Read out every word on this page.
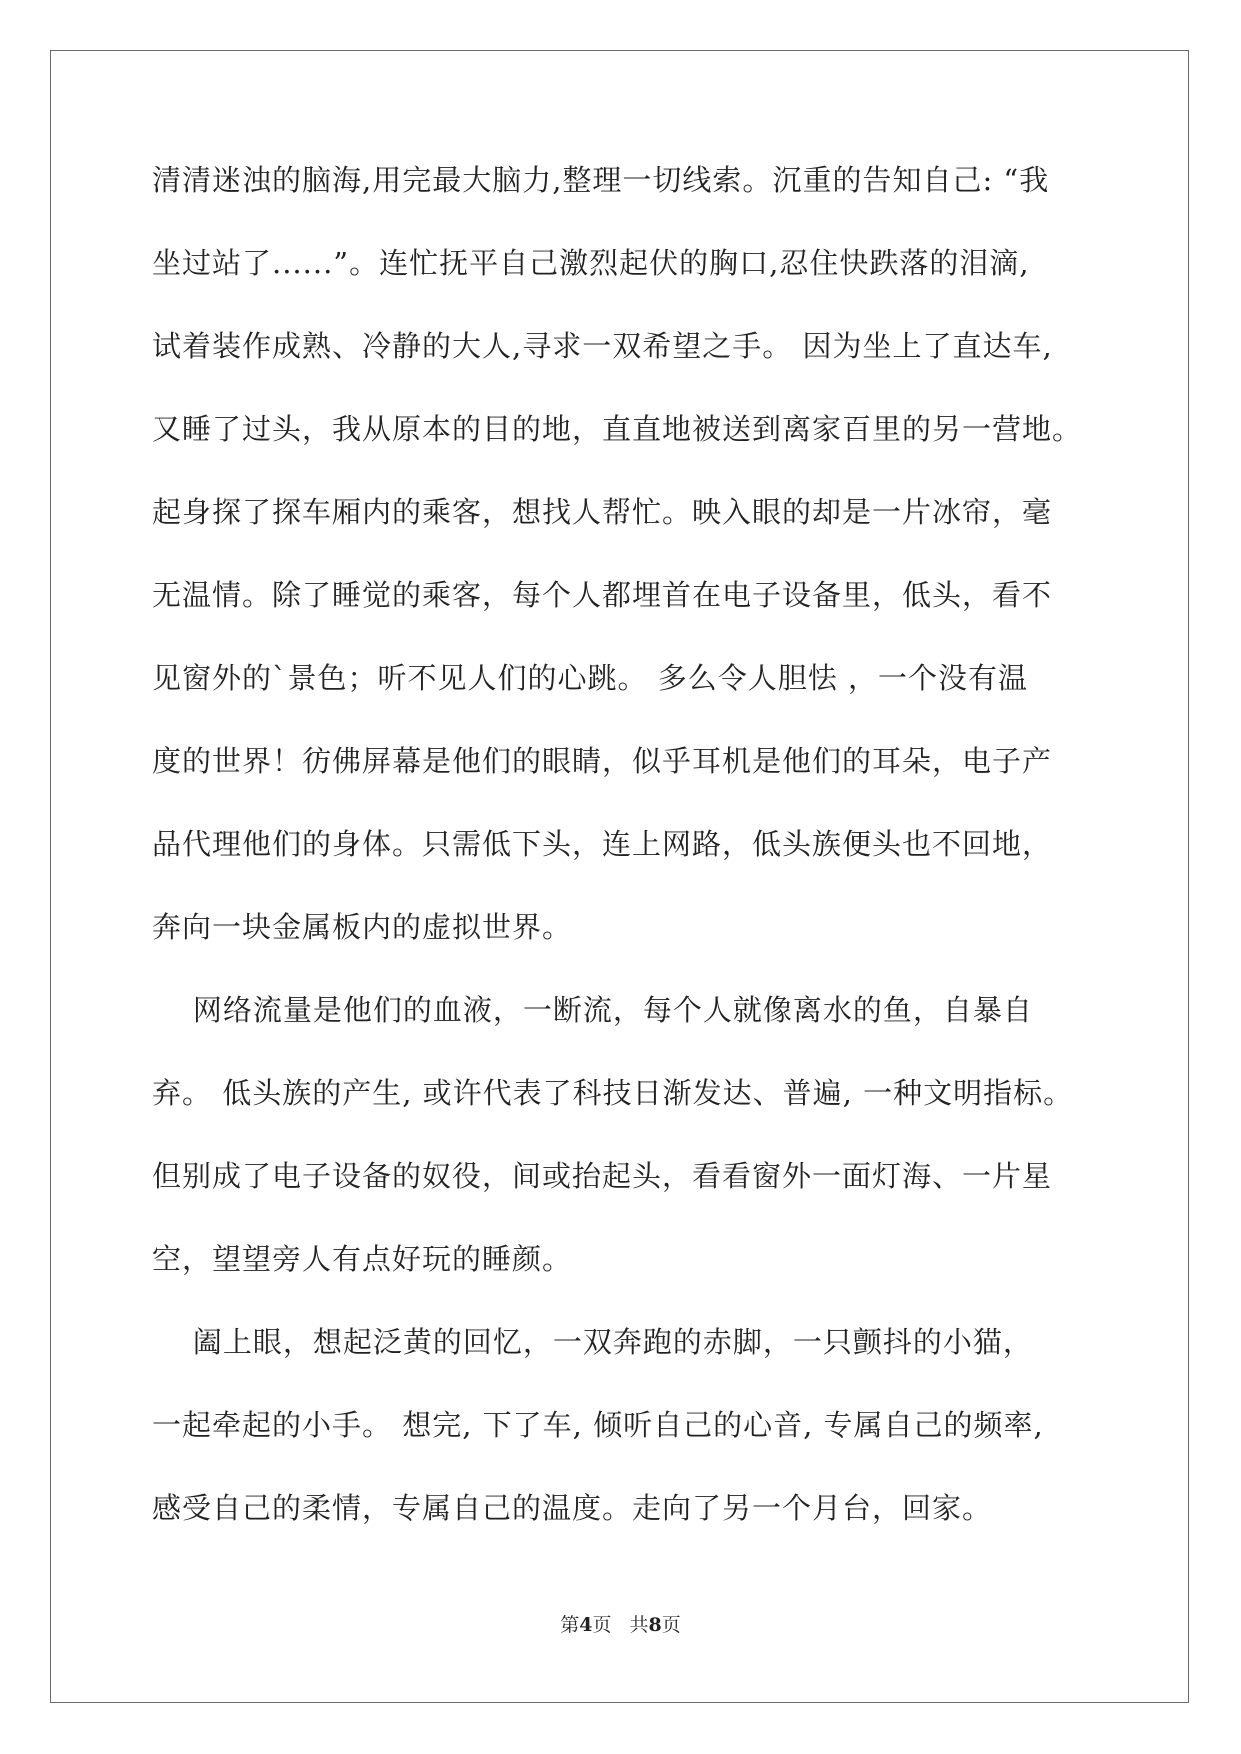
清清迷浊的脑海,用完最大脑力,整理一切线索。沉重的告知自己: “我
坐过站了......”。连忙抚平自己激烈起伏的胸口,忍住快跌落的泪滴,
试着装作成熟、冷静的大人,寻求一双希望之手。 因为坐上了直达车,
又睡了过头，我从原本的目的地，直直地被送到离家百里的另一营地。
起身探了探车厢内的乘客，想找人帮忙。映入眼的却是一片冰帘，毫
无温情。除了睡觉的乘客，每个人都埋首在电子设备里，低头，看不
见窗外的`景色；听不见人们的心跳。 多么令人胆怯 ，一个没有温
度的世界！彷佛屏幕是他们的眼睛，似乎耳机是他们的耳朵，电子产
品代理他们的身体。只需低下头，连上网路，低头族便头也不回地，
奔向一块金属板内的虚拟世界。
网络流量是他们的血液，一断流，每个人就像离水的鱼，自暴自
弃。 低头族的产生, 或许代表了科技日渐发达、普遍, 一种文明指标。
但别成了电子设备的奴役，间或抬起头，看看窗外一面灯海、一片星
空，望望旁人有点好玩的睡颜。
阖上眼，想起泛黄的回忆，一双奔跑的赤脚，一只颤抖的小猫，
一起牵起的小手。 想完, 下了车, 倾听自己的心音, 专属自己的频率,
感受自己的柔情，专属自己的温度。走向了另一个月台，回家。
第4页 共8页
